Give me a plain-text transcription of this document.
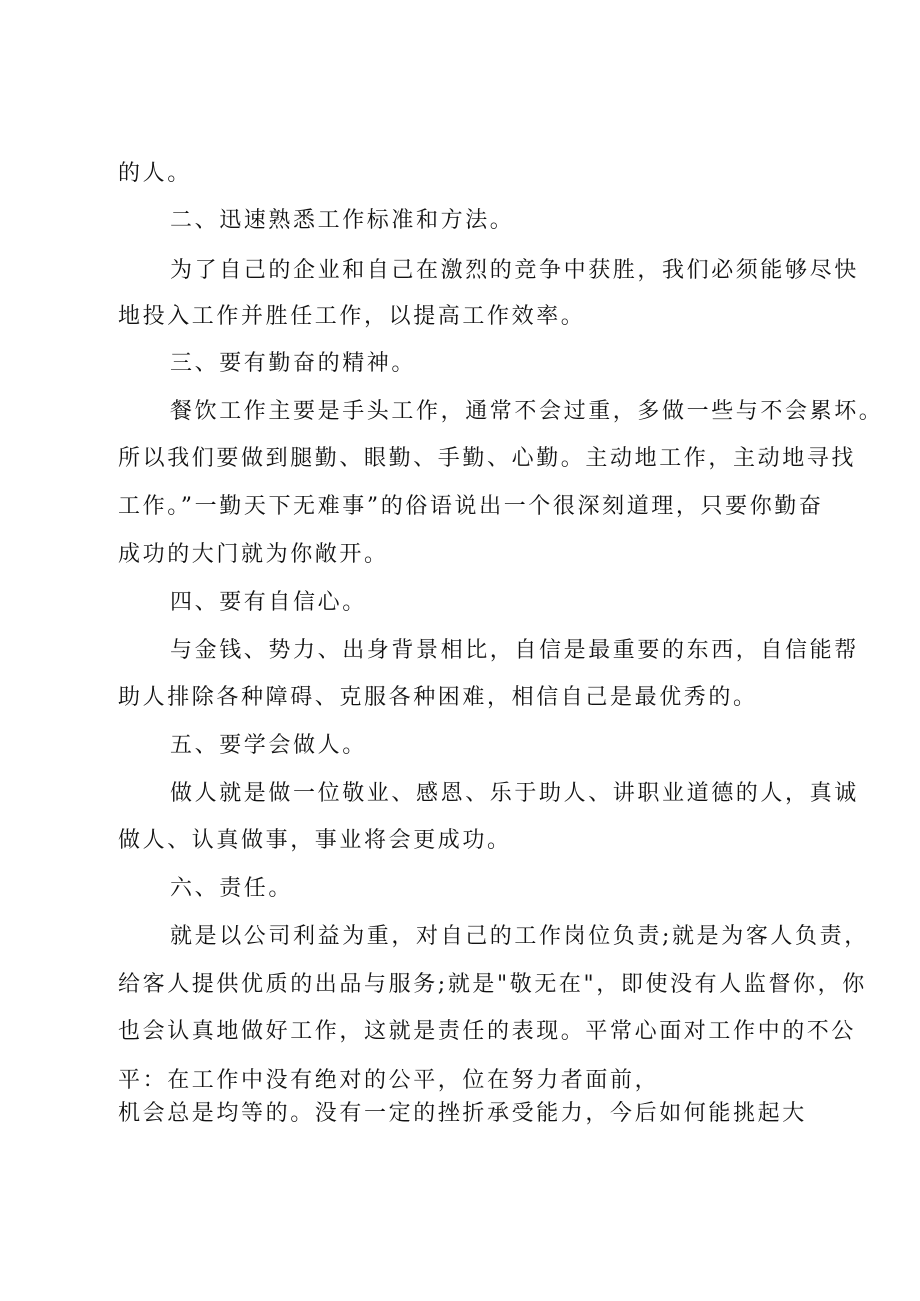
的人。
二、迅速熟悉工作标准和方法。
为了自己的企业和自己在激烈的竞争中获胜，我们必须能够尽快
地投入工作并胜任工作，以提高工作效率。
三、要有勤奋的精神。
餐饮工作主要是手头工作，通常不会过重，多做一些与不会累坏。
所以我们要做到腿勤、眼勤、手勤、心勤。主动地工作，主动地寻找
工作。”一勤天下无难事”的俗语说出一个很深刻道理，只要你勤奋
成功的大门就为你敞开。
四、要有自信心。
与金钱、势力、出身背景相比，自信是最重要的东西，自信能帮
助人排除各种障碍、克服各种困难，相信自己是最优秀的。
五、要学会做人。
做人就是做一位敬业、感恩、乐于助人、讲职业道德的人，真诚
做人、认真做事，事业将会更成功。
六、责任。
就是以公司利益为重，对自己的工作岗位负责;就是为客人负责，
给客人提供优质的出品与服务;就是"敬无在"，即使没有人监督你，你
也会认真地做好工作，这就是责任的表现。平常心面对工作中的不公
平：在工作中没有绝对的公平，位在努力者面前，
机会总是均等的。没有一定的挫折承受能力，今后如何能挑起大
